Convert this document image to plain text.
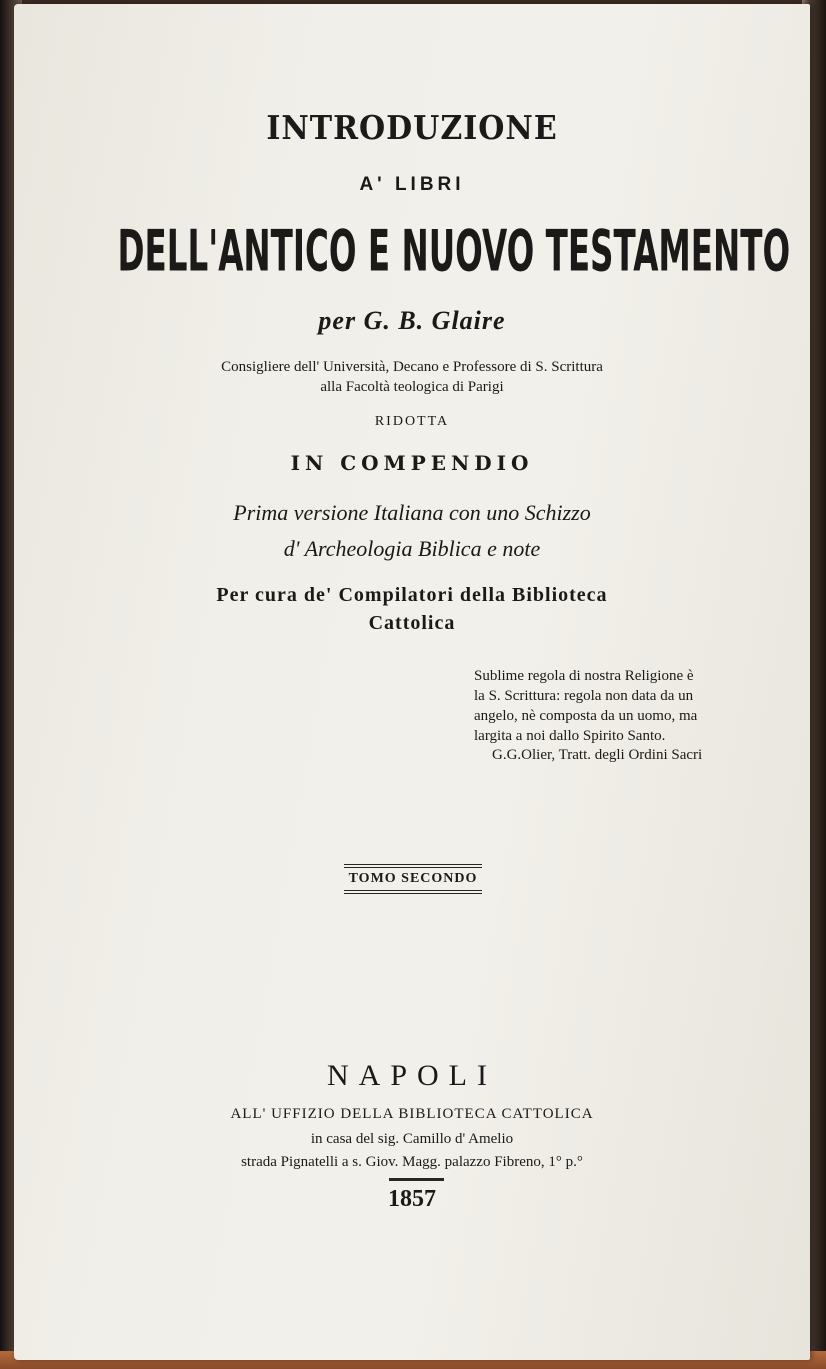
INTRODUZIONE
A' LIBRI
DELL'ANTICO E NUOVO TESTAMENTO
per G. B. Glaire
Consigliere dell' Università, Decano e Professore di S. Scrittura
alla Facoltà teologica di Parigi
RIDOTTA
IN COMPENDIO
Prima versione Italiana con uno Schizzo
d' Archeologia Biblica e note
Per cura de' Compilatori della Biblioteca
Cattolica
Sublime regola di nostra Religione è
la S. Scrittura: regola non data da un
angelo, nè composta da un uomo, ma
largita a noi dallo Spirito Santo.
G.G.Olier, Tratt. degli Ordini Sacri
TOMO SECONDO
NAPOLI
ALL' UFFIZIO DELLA BIBLIOTECA CATTOLICA
in casa del sig. Camillo d' Amelio
strada Pignatelli a s. Giov. Magg. palazzo Fibreno, 1° p.°
1857
